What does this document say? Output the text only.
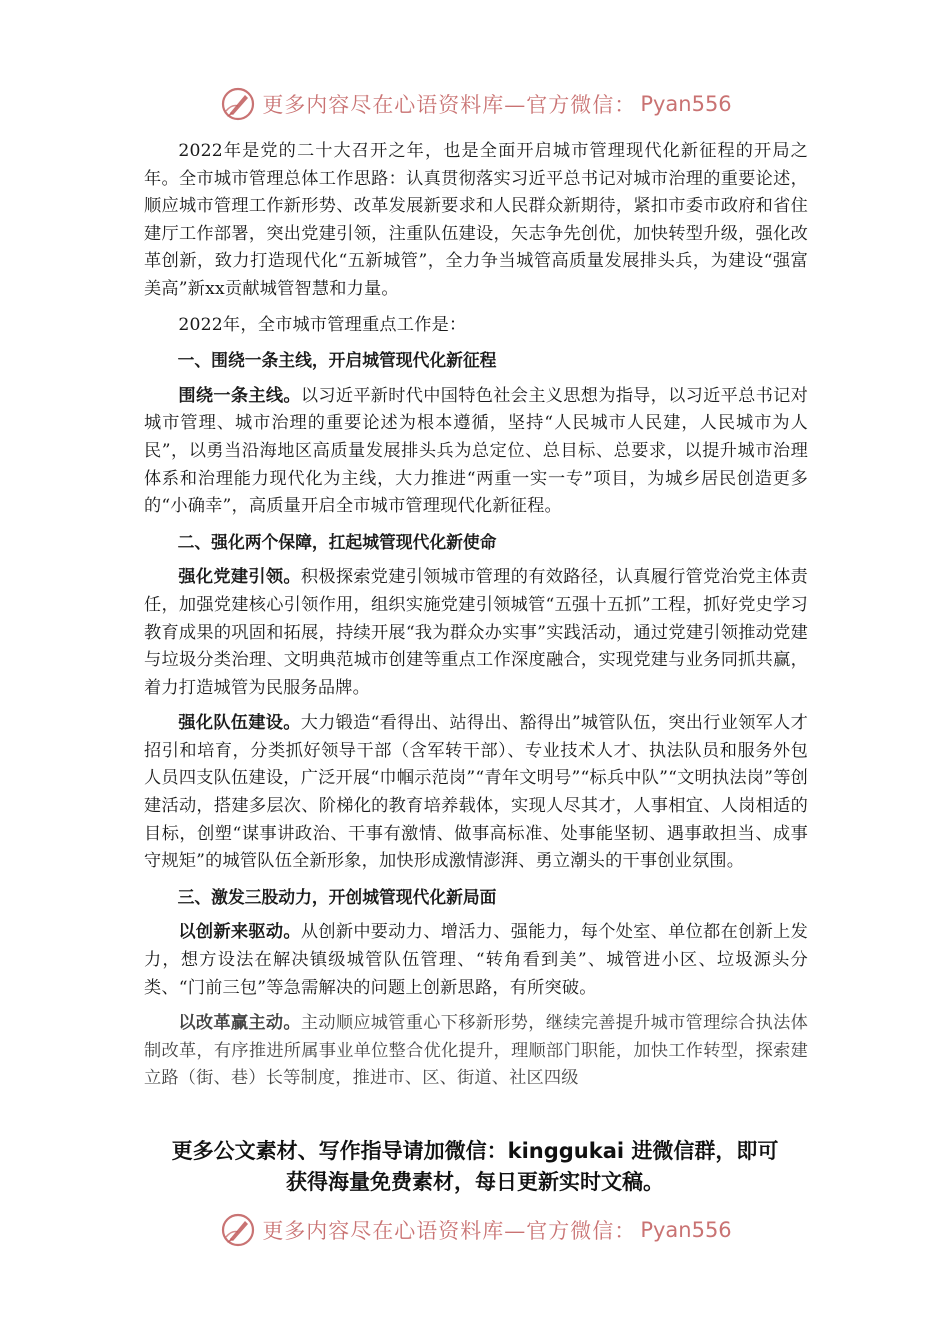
更多内容尽在心语资料库—官方微信： Pyan556

2022年是党的二十大召开之年，也是全面开启城市管理现代化新征程的开局之年。全市城市管理总体工作思路：认真贯彻落实习近平总书记对城市治理的重要论述，顺应城市管理工作新形势、改革发展新要求和人民群众新期待，紧扣市委市政府和省住建厅工作部署，突出党建引领，注重队伍建设，矢志争先创优，加快转型升级，强化改革创新，致力打造现代化“五新城管”，全力争当城管高质量发展排头兵，为建设“强富美高”新xx贡献城管智慧和力量。

2022年，全市城市管理重点工作是：

一、围绕一条主线，开启城管现代化新征程

围绕一条主线。以习近平新时代中国特色社会主义思想为指导，以习近平总书记对城市管理、城市治理的重要论述为根本遵循，坚持“人民城市人民建，人民城市为人民”，以勇当沿海地区高质量发展排头兵为总定位、总目标、总要求，以提升城市治理体系和治理能力现代化为主线，大力推进“两重一实一专”项目，为城乡居民创造更多的“小确幸”，高质量开启全市城市管理现代化新征程。

二、强化两个保障，扛起城管现代化新使命

强化党建引领。积极探索党建引领城市管理的有效路径，认真履行管党治党主体责任，加强党建核心引领作用，组织实施党建引领城管“五强十五抓”工程，抓好党史学习教育成果的巩固和拓展，持续开展“我为群众办实事”实践活动，通过党建引领推动党建与垃圾分类治理、文明典范城市创建等重点工作深度融合，实现党建与业务同抓共赢，着力打造城管为民服务品牌。

强化队伍建设。大力锻造“看得出、站得出、豁得出”城管队伍，突出行业领军人才招引和培育，分类抓好领导干部（含军转干部）、专业技术人才、执法队员和服务外包人员四支队伍建设，广泛开展“巾帼示范岗”“青年文明号”“标兵中队”“文明执法岗”等创建活动，搭建多层次、阶梯化的教育培养载体，实现人尽其才，人事相宜、人岗相适的目标，创塑“谋事讲政治、干事有激情、做事高标准、处事能坚韧、遇事敢担当、成事守规矩”的城管队伍全新形象，加快形成激情澎湃、勇立潮头的干事创业氛围。

三、激发三股动力，开创城管现代化新局面

以创新来驱动。从创新中要动力、增活力、强能力，每个处室、单位都在创新上发力，想方设法在解决镇级城管队伍管理、“转角看到美”、城管进小区、垃圾源头分类、“门前三包”等急需解决的问题上创新思路，有所突破。

以改革赢主动。主动顺应城管重心下移新形势，继续完善提升城市管理综合执法体制改革，有序推进所属事业单位整合优化提升，理顺部门职能，加快工作转型，探索建立路（街、巷）长等制度，推进市、区、街道、社区四级

更多公文素材、写作指导请加微信：kinggukai 进微信群，即可
获得海量免费素材，每日更新实时文稿。
更多内容尽在心语资料库—官方微信： Pyan556
